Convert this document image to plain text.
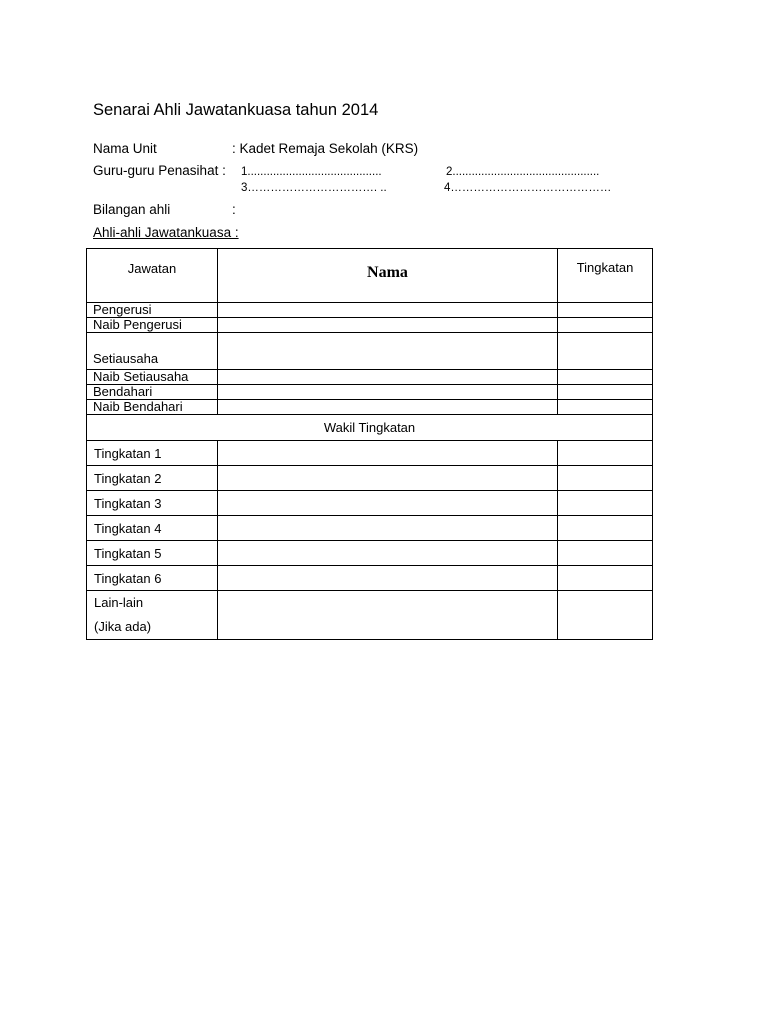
Senarai Ahli Jawatankuasa tahun 2014
Nama Unit	: Kadet Remaja Sekolah (KRS)
Guru-guru Penasihat : 1..........................................	2..............................................
3……………………………. ..	4……………………………………
Bilangan ahli	:
Ahli-ahli Jawatankuasa :
Jawatan	Nama	Tingkatan
Pengerusi		
Naib Pengerusi		
Setiausaha		
Naib Setiausaha		
Bendahari		
Naib Bendahari		
Wakil Tingkatan		
Tingkatan 1		
Tingkatan 2		
Tingkatan 3		
Tingkatan 4		
Tingkatan 5		
Tingkatan 6		

Lain-lain
(Jika ada)		
